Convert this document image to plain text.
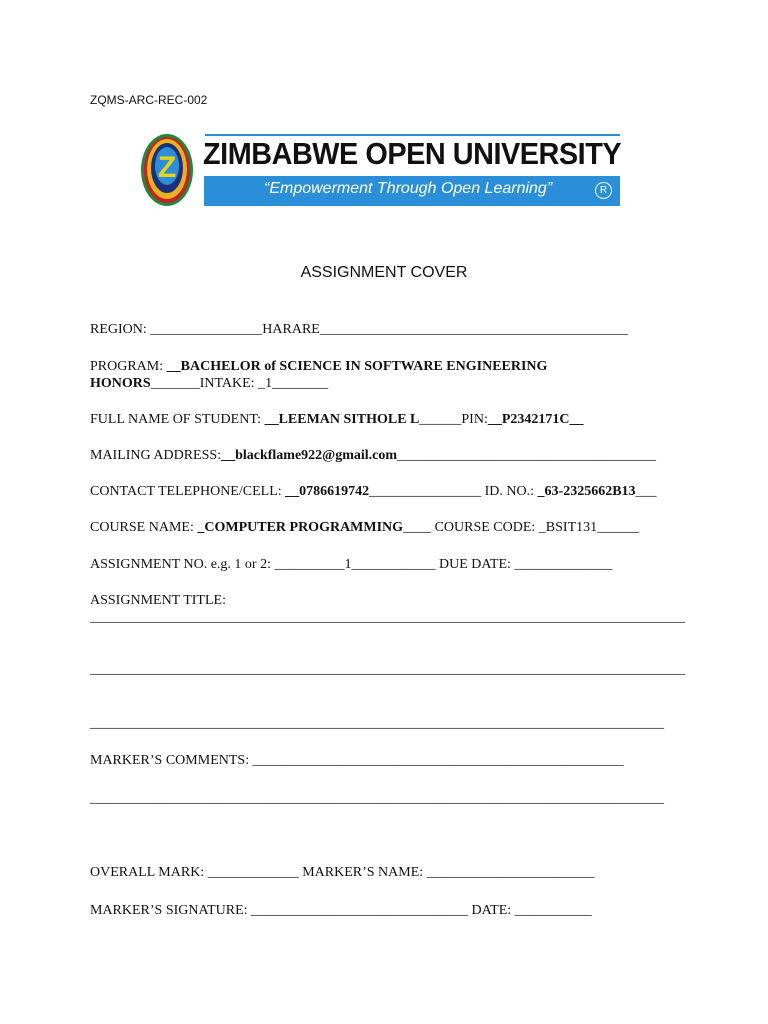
ZQMS-ARC-REC-002
Z ZIMBABWE OPEN UNIVERSITY
“Empowerment Through Open Learning”	R
ASSIGNMENT COVER
REGION: ________________HARARE____________________________________________
PROGRAM: __BACHELOR of SCIENCE IN SOFTWARE ENGINEERING
HONORS_______INTAKE: _1________
FULL NAME OF STUDENT: __LEEMAN SITHOLE L______PIN:__P2342171C__
MAILING ADDRESS:__blackflame922@gmail.com_____________________________________
CONTACT TELEPHONE/CELL: __0786619742________________ ID. NO.: _63-2325662B13___
COURSE NAME: _COMPUTER PROGRAMMING____ COURSE CODE: _BSIT131______
ASSIGNMENT NO. e.g. 1 or 2: __________1____________ DUE DATE: ______________
ASSIGNMENT TITLE:
_____________________________________________________________________________________
_____________________________________________________________________________________
__________________________________________________________________________________
MARKER’S COMMENTS: _____________________________________________________
__________________________________________________________________________________
OVERALL MARK: _____________ MARKER’S NAME: ________________________
MARKER’S SIGNATURE: _______________________________ DATE: ___________
